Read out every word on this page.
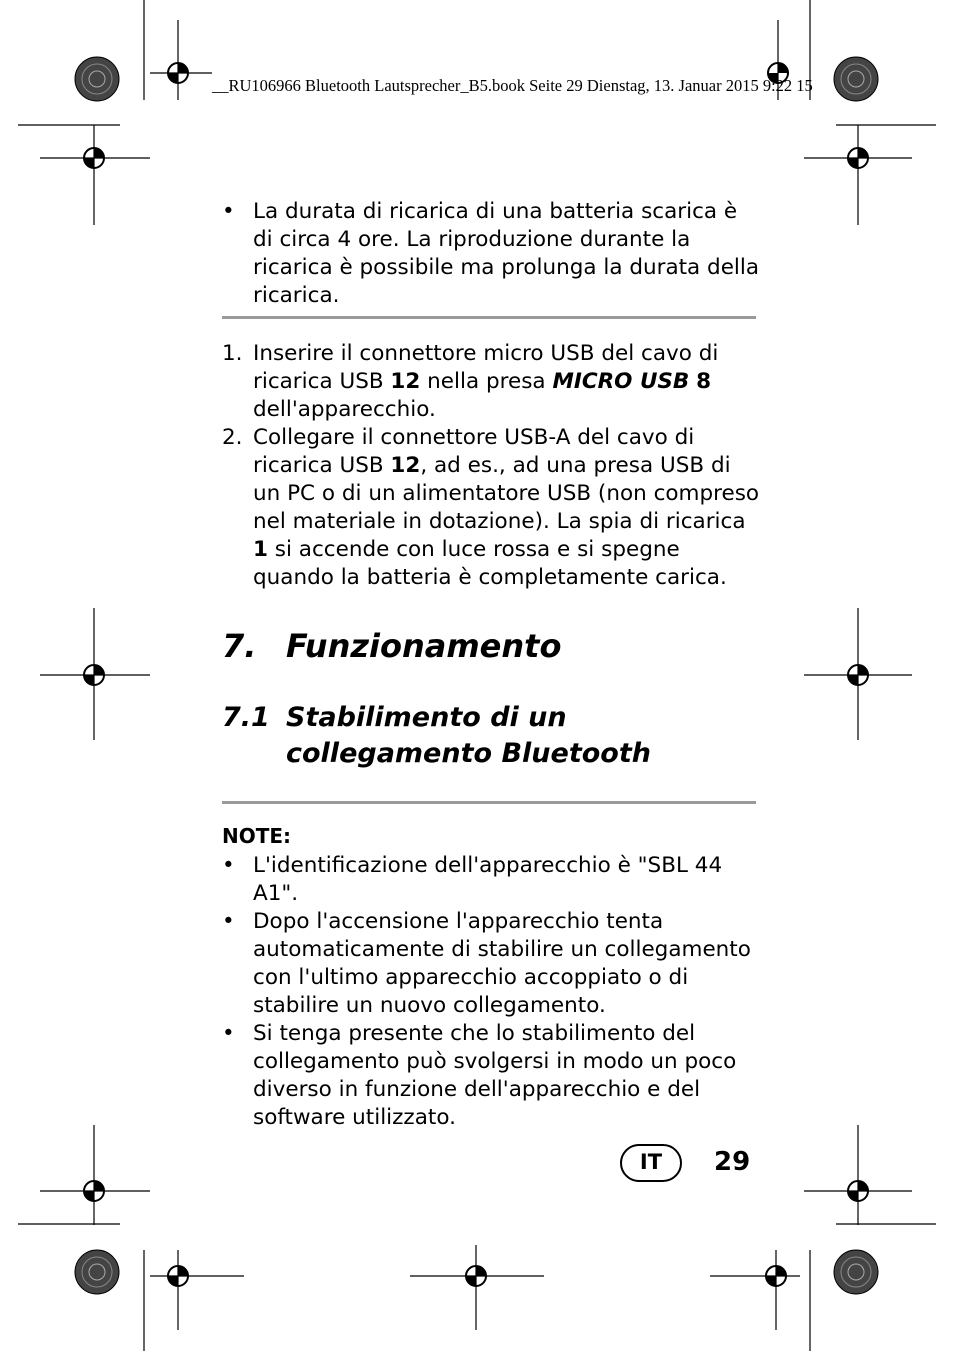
__RU106966 Bluetooth Lautsprecher_B5.book Seite 29 Dienstag, 13. Januar 2015 9:22 15
• La durata di ricarica di una batteria scarica è di circa 4 ore. La riproduzione durante la ricarica è possibile ma prolunga la durata della ricarica.
1. Inserire il connettore micro USB del cavo di ricarica USB 12 nella presa MICRO USB 8 dell'apparecchio.
2. Collegare il connettore USB-A del cavo di ricarica USB 12, ad es., ad una presa USB di un PC o di un alimentatore USB (non compreso nel materiale in dotazione). La spia di ricarica 1 si accende con luce rossa e si spegne quando la batteria è completamente carica.
7. Funzionamento
7.1 Stabilimento di un collegamento Bluetooth
NOTE:
• L'identificazione dell'apparecchio è "SBL 44 A1".
• Dopo l'accensione l'apparecchio tenta automaticamente di stabilire un collegamento con l'ultimo apparecchio accoppiato o di stabilire un nuovo collegamento.
• Si tenga presente che lo stabilimento del collegamento può svolgersi in modo un poco diverso in funzione dell'apparecchio e del software utilizzato.
IT	29
